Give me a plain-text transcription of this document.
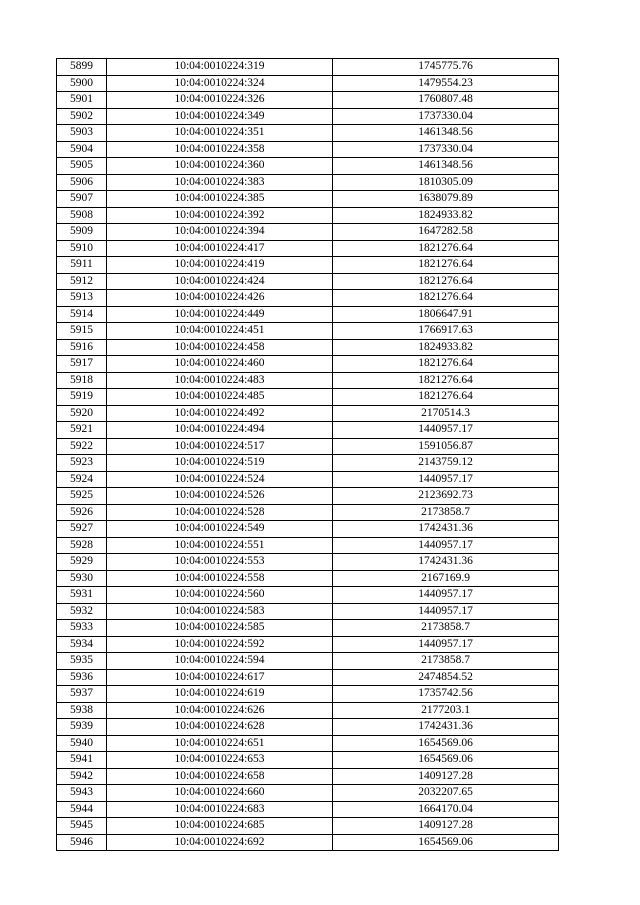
5899	10:04:0010224:319	1745775.76
5900	10:04:0010224:324	1479554.23
5901	10:04:0010224:326	1760807.48
5902	10:04:0010224:349	1737330.04
5903	10:04:0010224:351	1461348.56
5904	10:04:0010224:358	1737330.04
5905	10:04:0010224:360	1461348.56
5906	10:04:0010224:383	1810305.09
5907	10:04:0010224:385	1638079.89
5908	10:04:0010224:392	1824933.82
5909	10:04:0010224:394	1647282.58
5910	10:04:0010224:417	1821276.64
5911	10:04:0010224:419	1821276.64
5912	10:04:0010224:424	1821276.64
5913	10:04:0010224:426	1821276.64
5914	10:04:0010224:449	1806647.91
5915	10:04:0010224:451	1766917.63
5916	10:04:0010224:458	1824933.82
5917	10:04:0010224:460	1821276.64
5918	10:04:0010224:483	1821276.64
5919	10:04:0010224:485	1821276.64
5920	10:04:0010224:492	2170514.3
5921	10:04:0010224:494	1440957.17
5922	10:04:0010224:517	1591056.87
5923	10:04:0010224:519	2143759.12
5924	10:04:0010224:524	1440957.17
5925	10:04:0010224:526	2123692.73
5926	10:04:0010224:528	2173858.7
5927	10:04:0010224:549	1742431.36
5928	10:04:0010224:551	1440957.17
5929	10:04:0010224:553	1742431.36
5930	10:04:0010224:558	2167169.9
5931	10:04:0010224:560	1440957.17
5932	10:04:0010224:583	1440957.17
5933	10:04:0010224:585	2173858.7
5934	10:04:0010224:592	1440957.17
5935	10:04:0010224:594	2173858.7
5936	10:04:0010224:617	2474854.52
5937	10:04:0010224:619	1735742.56
5938	10:04:0010224:626	2177203.1
5939	10:04:0010224:628	1742431.36
5940	10:04:0010224:651	1654569.06
5941	10:04:0010224:653	1654569.06
5942	10:04:0010224:658	1409127.28
5943	10:04:0010224:660	2032207.65
5944	10:04:0010224:683	1664170.04
5945	10:04:0010224:685	1409127.28
5946	10:04:0010224:692	1654569.06
